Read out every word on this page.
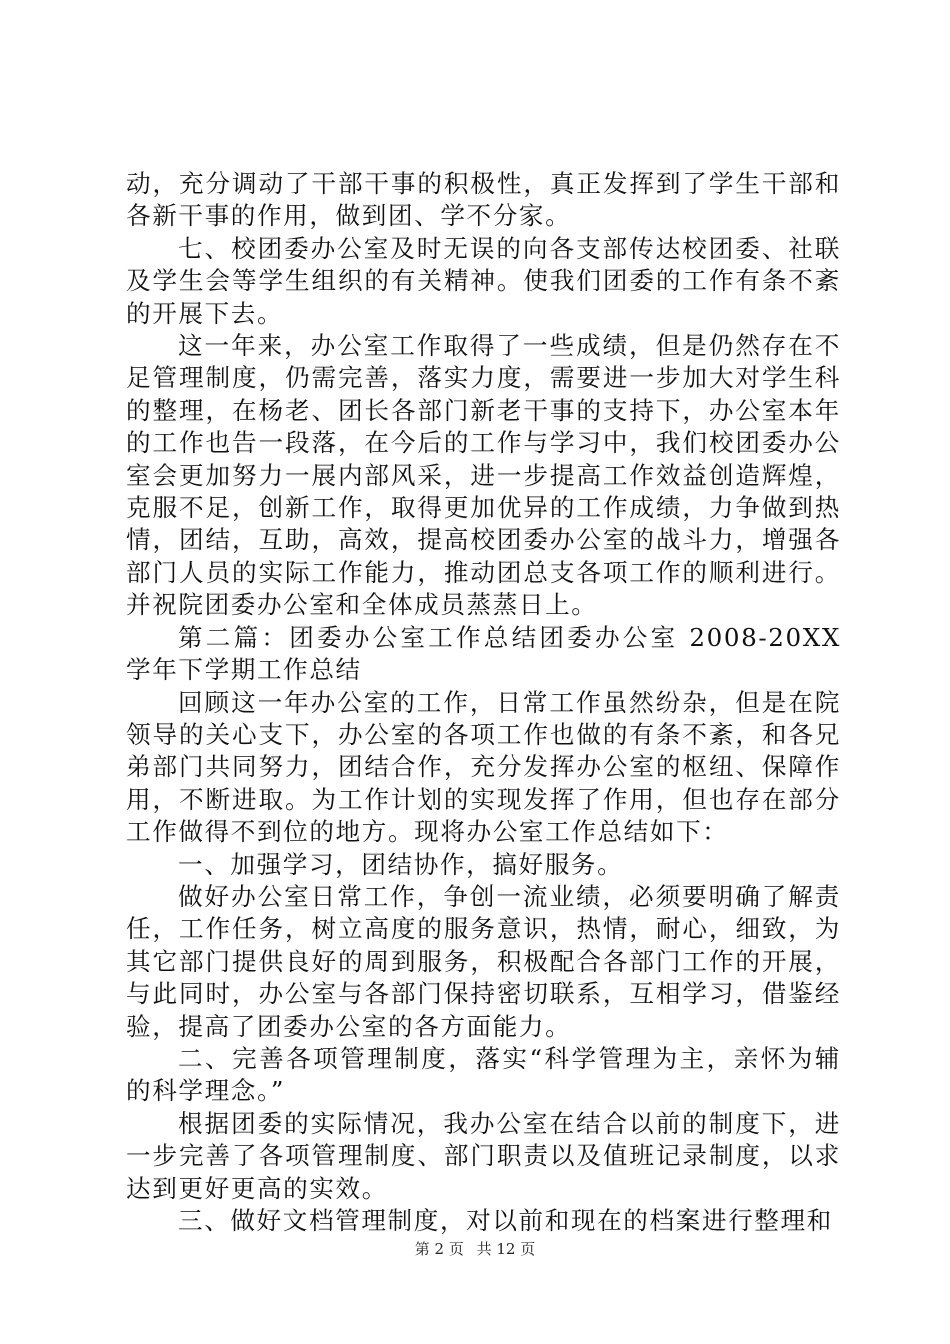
动，充分调动了干部干事的积极性，真正发挥到了学生干部和各新干事的作用，做到团、学不分家。

七、校团委办公室及时无误的向各支部传达校团委、社联及学生会等学生组织的有关精神。使我们团委的工作有条不紊的开展下去。

这一年来，办公室工作取得了一些成绩，但是仍然存在不足管理制度，仍需完善，落实力度，需要进一步加大对学生科的整理，在杨老、团长各部门新老干事的支持下，办公室本年的工作也告一段落，在今后的工作与学习中，我们校团委办公室会更加努力一展内部风采，进一步提高工作效益创造辉煌，克服不足，创新工作，取得更加优异的工作成绩，力争做到热情，团结，互助，高效，提高校团委办公室的战斗力，增强各部门人员的实际工作能力，推动团总支各项工作的顺利进行。并祝院团委办公室和全体成员蒸蒸日上。

第二篇：团委办公室工作总结团委办公室 2008-20XX 学年下学期工作总结

回顾这一年办公室的工作，日常工作虽然纷杂，但是在院领导的关心支下，办公室的各项工作也做的有条不紊，和各兄弟部门共同努力，团结合作，充分发挥办公室的枢纽、保障作用，不断进取。为工作计划的实现发挥了作用，但也存在部分工作做得不到位的地方。现将办公室工作总结如下：

一、加强学习，团结协作，搞好服务。

做好办公室日常工作，争创一流业绩，必须要明确了解责任，工作任务，树立高度的服务意识，热情，耐心，细致，为其它部门提供良好的周到服务，积极配合各部门工作的开展，与此同时，办公室与各部门保持密切联系，互相学习，借鉴经验，提高了团委办公室的各方面能力。

二、完善各项管理制度，落实“科学管理为主，亲怀为辅的科学理念。”

根据团委的实际情况，我办公室在结合以前的制度下，进一步完善了各项管理制度、部门职责以及值班记录制度，以求达到更好更高的实效。

三、做好文档管理制度，对以前和现在的档案进行整理和

第 2 页 共 12 页
